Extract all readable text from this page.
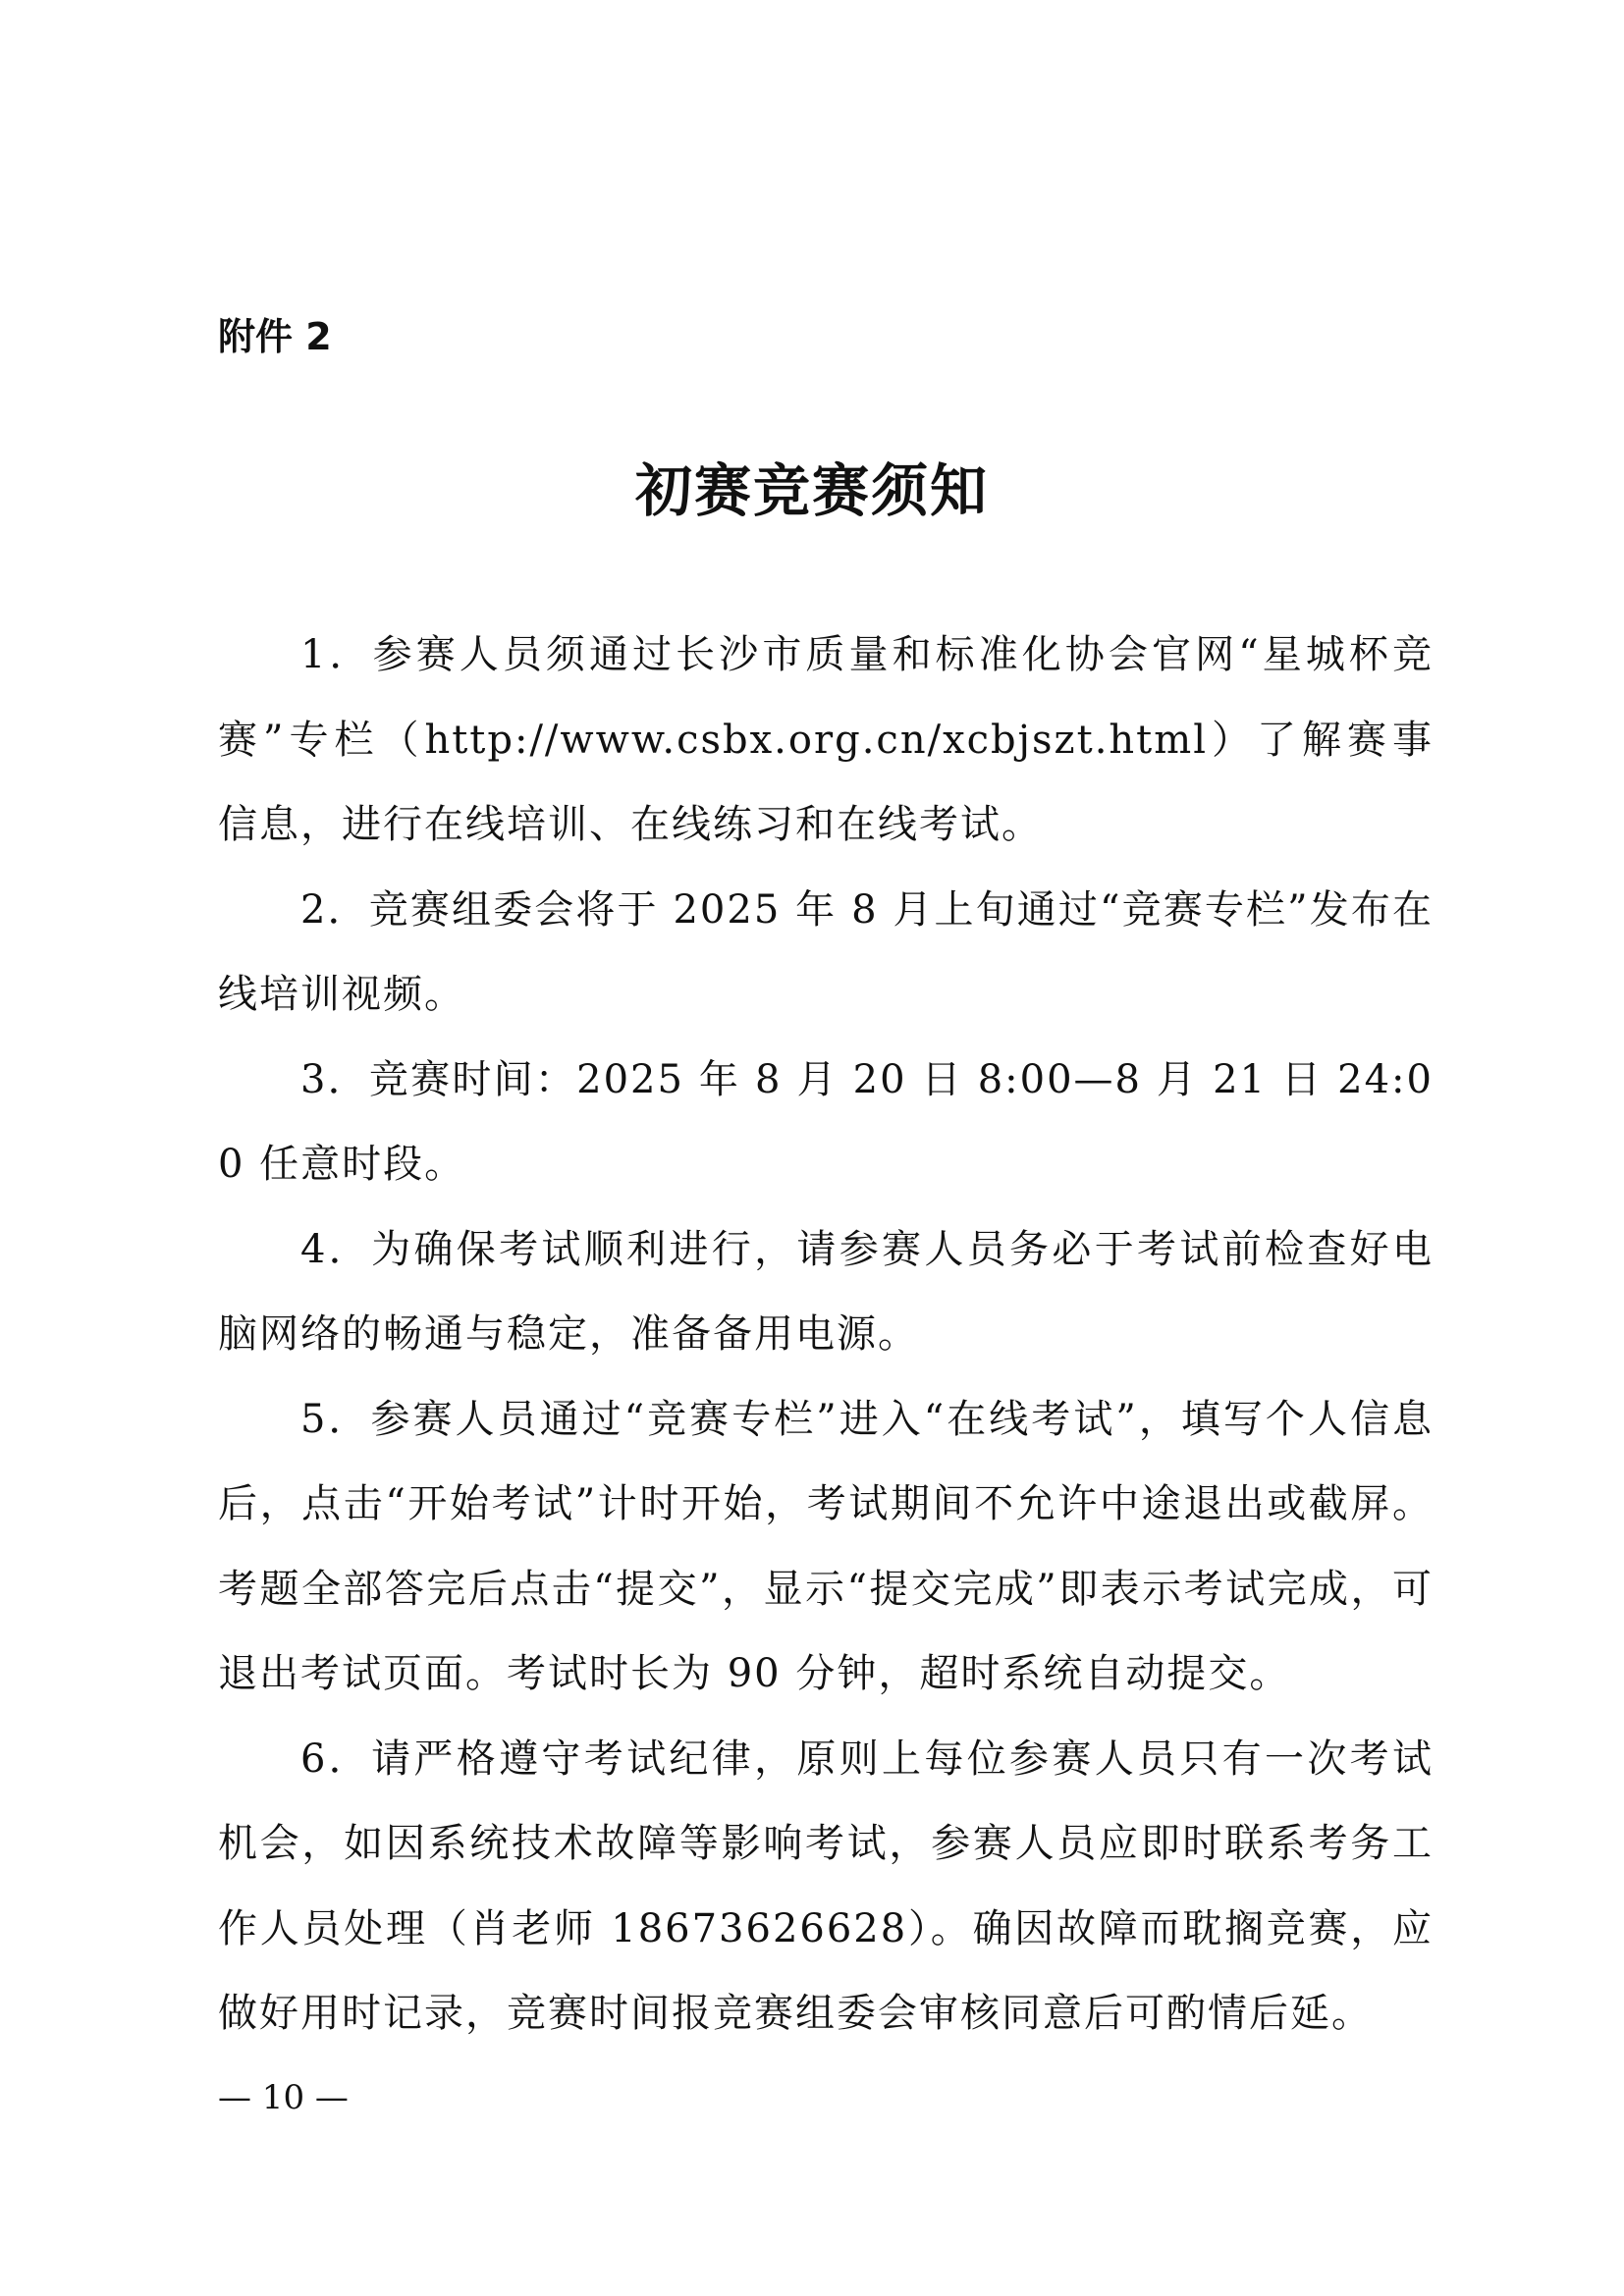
附件 2

初赛竞赛须知

1．参赛人员须通过长沙市质量和标准化协会官网“星城杯竞赛”专栏（http://www.csbx.org.cn/xcbjszt.html）了解赛事信息，进行在线培训、在线练习和在线考试。

2．竞赛组委会将于 2025 年 8 月上旬通过“竞赛专栏”发布在线培训视频。

3．竞赛时间：2025 年 8 月 20 日 8:00—8 月 21 日 24:00 任意时段。

4．为确保考试顺利进行，请参赛人员务必于考试前检查好电脑网络的畅通与稳定，准备备用电源。

5．参赛人员通过“竞赛专栏”进入“在线考试”，填写个人信息后，点击“开始考试”计时开始，考试期间不允许中途退出或截屏。考题全部答完后点击“提交”，显示“提交完成”即表示考试完成，可退出考试页面。考试时长为 90 分钟，超时系统自动提交。

6．请严格遵守考试纪律，原则上每位参赛人员只有一次考试机会，如因系统技术故障等影响考试，参赛人员应即时联系考务工作人员处理（肖老师 18673626628）。确因故障而耽搁竞赛，应做好用时记录，竞赛时间报竞赛组委会审核同意后可酌情后延。

— 10 —
